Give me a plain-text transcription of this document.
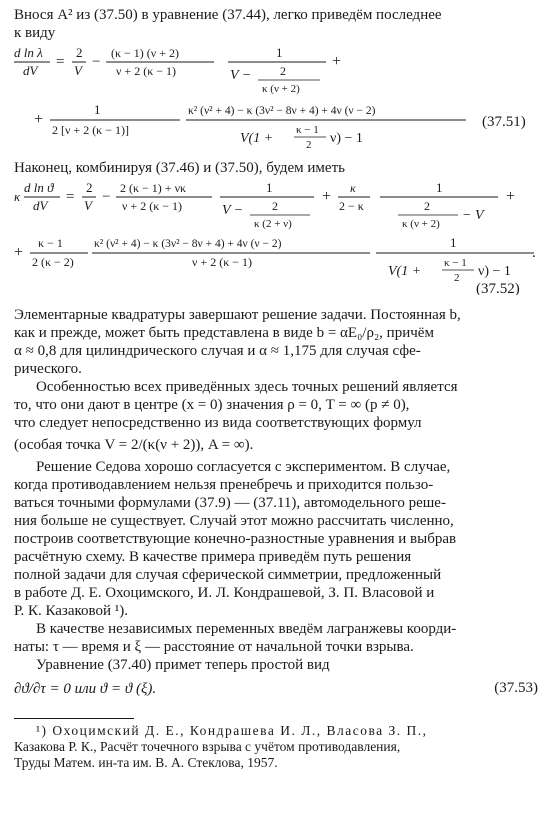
Внося A² из (37.50) в уравнение (37.44), легко приведём последнее
к виду
d ln λ
dV
=
2
V
−
(κ − 1) (ν + 2)
ν + 2 (κ − 1)
1
V − 2
κ (ν + 2)
+
+
1
2 [ν + 2 (κ − 1)]
κ² (ν² + 4) − κ (3ν² − 8ν + 4) + 4ν (ν − 2)
V(1 +
κ − 1
2 ν) − 1
(37.51)
Наконец, комбинируя (37.46) и (37.50), будем иметь
κ
d ln ϑ
dV
=
2
V
−
2 (κ − 1) + νκ
ν + 2 (κ − 1)
1
V − 2
κ (2 + ν)
+ κ
2 − κ
1
2
κ (ν + 2)
− V
+
+
κ − 1
2 (κ − 2)
κ² (ν² + 4) − κ (3ν² − 8ν + 4) + 4ν (ν − 2)
ν + 2 (κ − 1)
1
V(1 +
κ − 1
2 ν) − 1
.
(37.52)
Элементарные квадратуры завершают решение задачи. Постоянная b,
как и прежде, может быть представлена в виде b = αE₀/ρ₂, причём
α ≈ 0,8 для цилиндрического случая и α ≈ 1,175 для случая сфе-
рического.
Особенностью всех приведённых здесь точных решений является
то, что они дают в центре (x = 0) значения ρ = 0, T = ∞ (p ≠ 0),
что следует непосредственно из вида соответствующих формул
(особая точка V = 2/(κ(ν + 2)), A = ∞).
Решение Седова хорошо согласуется с экспериментом. В случае,
когда противодавлением нельзя пренебречь и приходится пользо-
ваться точными формулами (37.9) — (37.11), автомодельного реше-
ния больше не существует. Случай этот можно рассчитать численно,
построив соответствующие конечно-разностные уравнения и выбрав
расчётную схему. В качестве примера приведём путь решения
полной задачи для случая сферической симметрии, предложенный
в работе Д. Е. Охоцимского, И. Л. Кондрашевой, З. П. Власовой и
Р. К. Казаковой ¹).
В качестве независимых переменных введём лагранжевы коорди-
наты: τ — время и ξ — расстояние от начальной точки взрыва.
Уравнение (37.40) примет теперь простой вид
∂ϑ/∂τ = 0 или ϑ = ϑ (ξ).	(37.53)
¹) Охоцимский Д. Е., Кондрашева И. Л., Власова З. П.,
Казакова Р. К., Расчёт точечного взрыва с учётом противодавления,
Труды Матем. ин-та им. В. А. Стеклова, 1957.
